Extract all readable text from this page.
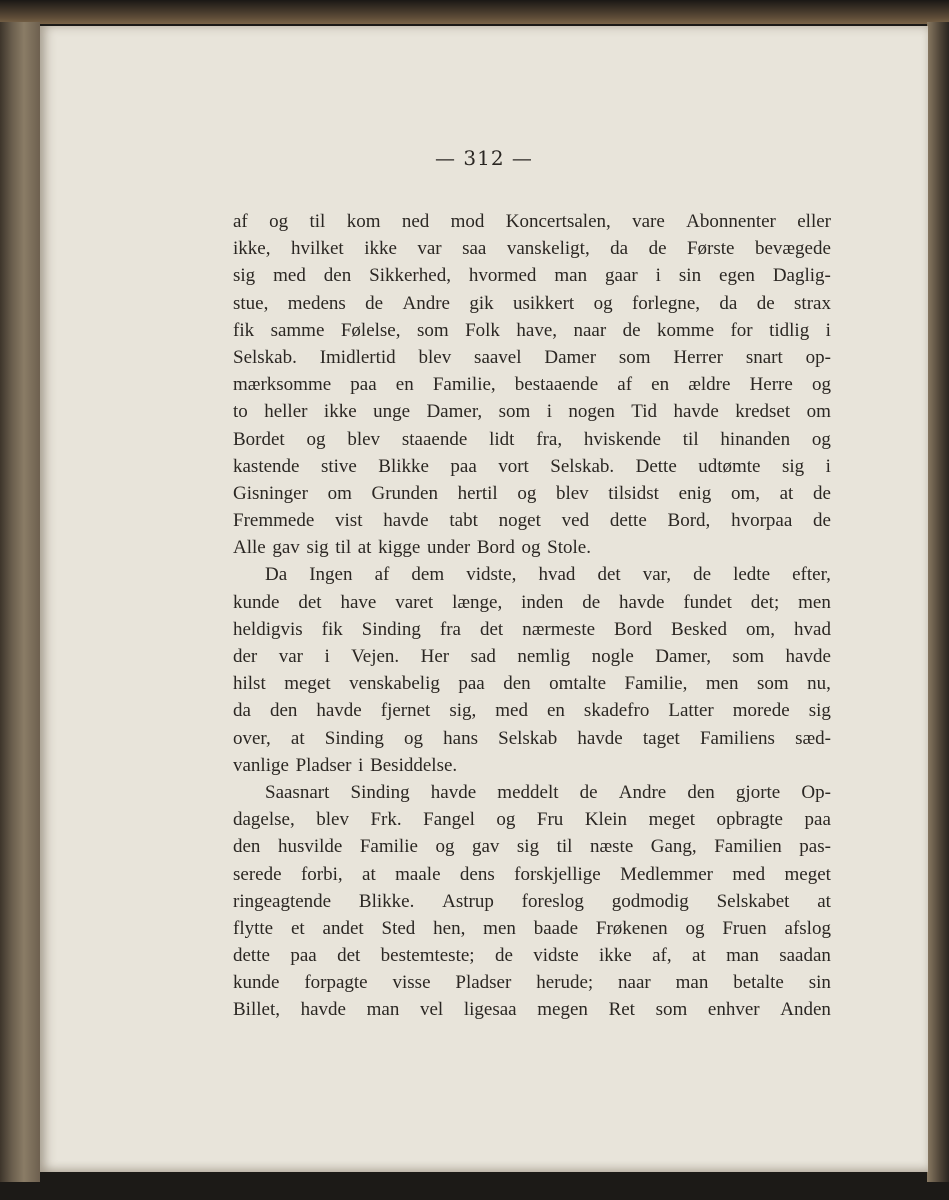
— 312 —
af og til kom ned mod Koncertsalen, vare Abonnenter eller
ikke, hvilket ikke var saa vanskeligt, da de Første bevægede
sig med den Sikkerhed, hvormed man gaar i sin egen Daglig-
stue, medens de Andre gik usikkert og forlegne, da de strax
fik samme Følelse, som Folk have, naar de komme for tidlig i
Selskab. Imidlertid blev saavel Damer som Herrer snart op-
mærksomme paa en Familie, bestaaende af en ældre Herre og
to heller ikke unge Damer, som i nogen Tid havde kredset om
Bordet og blev staaende lidt fra, hviskende til hinanden og
kastende stive Blikke paa vort Selskab. Dette udtømte sig i
Gisninger om Grunden hertil og blev tilsidst enig om, at de
Fremmede vist havde tabt noget ved dette Bord, hvorpaa de
Alle gav sig til at kigge under Bord og Stole.
Da Ingen af dem vidste, hvad det var, de ledte efter,
kunde det have varet længe, inden de havde fundet det; men
heldigvis fik Sinding fra det nærmeste Bord Besked om, hvad
der var i Vejen. Her sad nemlig nogle Damer, som havde
hilst meget venskabelig paa den omtalte Familie, men som nu,
da den havde fjernet sig, med en skadefro Latter morede sig
over, at Sinding og hans Selskab havde taget Familiens sæd-
vanlige Pladser i Besiddelse.
Saasnart Sinding havde meddelt de Andre den gjorte Op-
dagelse, blev Frk. Fangel og Fru Klein meget opbragte paa
den husvilde Familie og gav sig til næste Gang, Familien pas-
serede forbi, at maale dens forskjellige Medlemmer med meget
ringeagtende Blikke. Astrup foreslog godmodig Selskabet at
flytte et andet Sted hen, men baade Frøkenen og Fruen afslog
dette paa det bestemteste; de vidste ikke af, at man saadan
kunde forpagte visse Pladser herude; naar man betalte sin
Billet, havde man vel ligesaa megen Ret som enhver Anden
